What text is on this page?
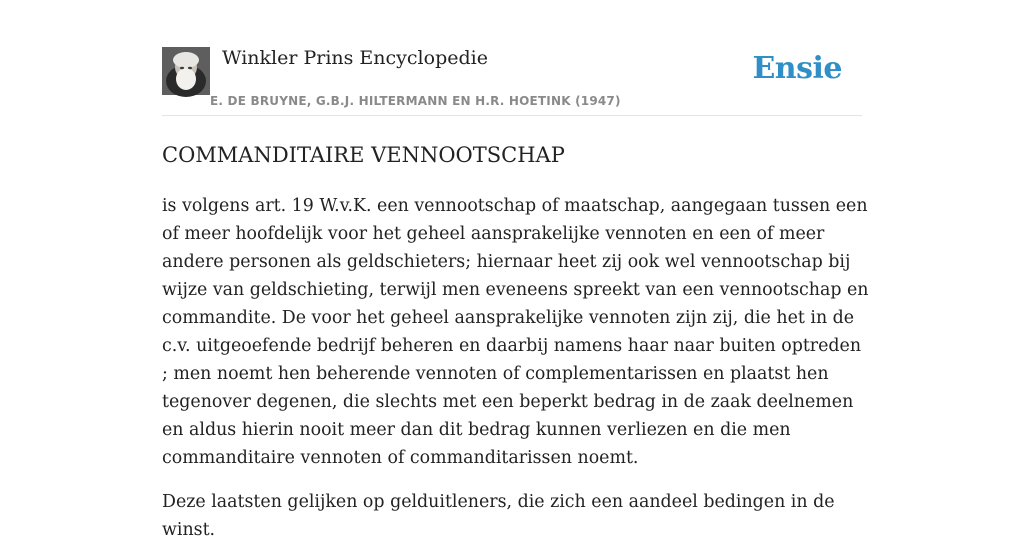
Winkler Prins Encyclopedie
E. DE BRUYNE, G.B.J. HILTERMANN EN H.R. HOETINK (1947)
Ensie
COMMANDITAIRE VENNOOTSCHAP

is volgens art. 19 W.v.K. een vennootschap of maatschap, aangegaan tussen een of meer hoofdelijk voor het geheel aansprakelijke vennoten en een of meer andere personen als geldschieters; hiernaar heet zij ook wel vennootschap bij wijze van geldschieting, terwijl men eveneens spreekt van een vennootschap en commandite. De voor het geheel aansprakelijke vennoten zijn zij, die het in de c.v. uitgeoefende bedrijf beheren en daarbij namens haar naar buiten optreden ; men noemt hen beherende vennoten of complementarissen en plaatst hen tegenover degenen, die slechts met een beperkt bedrag in de zaak deelnemen en aldus hierin nooit meer dan dit bedrag kunnen verliezen en die men commanditaire vennoten of commanditarissen noemt.

Deze laatsten gelijken op gelduitleners, die zich een aandeel bedingen in de winst.
